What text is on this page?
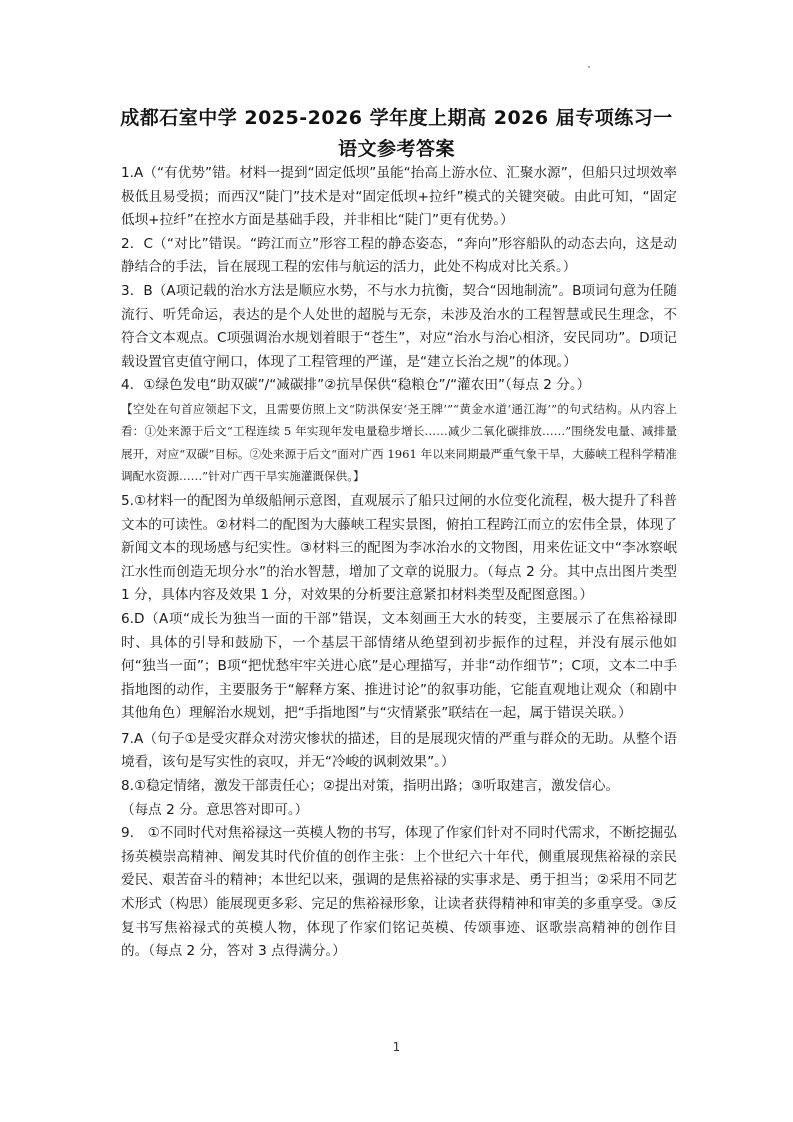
成都石室中学 2025-2026 学年度上期高 2026 届专项练习一
语文参考答案

1.A（“有优势”错。材料一提到“固定低坝”虽能“抬高上游水位、汇聚水源”，但船只过坝效率极低且易受损；而西汉“陡门”技术是对“固定低坝+拉纤”模式的关键突破。由此可知，“固定低坝+拉纤”在控水方面是基础手段，并非相比“陡门”更有优势。）

2．C（“对比”错误。“跨江而立”形容工程的静态姿态，“奔向”形容船队的动态去向，这是动静结合的手法，旨在展现工程的宏伟与航运的活力，此处不构成对比关系。）

3．B（A项记载的治水方法是顺应水势，不与水力抗衡，契合“因地制流”。B项词句意为任随流行、听凭命运，表达的是个人处世的超脱与无奈，未涉及治水的工程智慧或民生理念，不符合文本观点。C项强调治水规划着眼于“苍生”，对应“治水与治心相济，安民同功”。D项记载设置官吏值守闸口，体现了工程管理的严谨，是“建立长治之规”的体现。）

4．①绿色发电“助双碳”/“减碳排”②抗旱保供“稳粮仓”/“灌农田”（每点 2 分。）

【空处在句首应领起下文，且需要仿照上文“防洪保安‘尧王牌’”“黄金水道‘通江海’”的句式结构。从内容上看：①处来源于后文“工程连续 5 年实现年发电量稳步增长……减少二氧化碳排放……”围绕发电量、减排量展开，对应“双碳”目标。②处来源于后文“面对广西 1961 年以来同期最严重气象干旱，大藤峡工程科学精准调配水资源……”针对广西干旱实施灌溉保供。】

5.①材料一的配图为单级船闸示意图，直观展示了船只过闸的水位变化流程，极大提升了科普文本的可读性。②材料二的配图为大藤峡工程实景图，俯拍工程跨江而立的宏伟全景，体现了新闻文本的现场感与纪实性。③材料三的配图为李冰治水的文物图，用来佐证文中“李冰察岷江水性而创造无坝分水”的治水智慧，增加了文章的说服力。（每点 2 分。其中点出图片类型 1 分，具体内容及效果 1 分，对效果的分析要注意紧扣材料类型及配图意图。）

6.D（A项“成长为独当一面的干部”错误，文本刻画王大水的转变，主要展示了在焦裕禄即时、具体的引导和鼓励下，一个基层干部情绪从绝望到初步振作的过程，并没有展示他如何“独当一面”；B项“把忧愁牢牢关进心底”是心理描写，并非“动作细节”；C项，文本二中手指地图的动作，主要服务于“解释方案、推进讨论”的叙事功能，它能直观地让观众（和剧中其他角色）理解治水规划，把“手指地图”与“灾情紧张”联结在一起，属于错误关联。）

7.A（句子①是受灾群众对涝灾惨状的描述，目的是展现灾情的严重与群众的无助。从整个语境看，该句是写实性的哀叹，并无“冷峻的讽刺效果”。）

8.①稳定情绪，激发干部责任心；②提出对策，指明出路；③听取建言，激发信心。

（每点 2 分。意思答对即可。）

9.　①不同时代对焦裕禄这一英模人物的书写，体现了作家们针对不同时代需求，不断挖掘弘扬英模崇高精神、阐发其时代价值的创作主张：上个世纪六十年代，侧重展现焦裕禄的亲民爱民、艰苦奋斗的精神；本世纪以来，强调的是焦裕禄的实事求是、勇于担当；②采用不同艺术形式（构思）能展现更多彩、完足的焦裕禄形象，让读者获得精神和审美的多重享受。③反复书写焦裕禄式的英模人物，体现了作家们铭记英模、传颂事迹、讴歌崇高精神的创作目的。（每点 2 分，答对 3 点得满分。）

1
